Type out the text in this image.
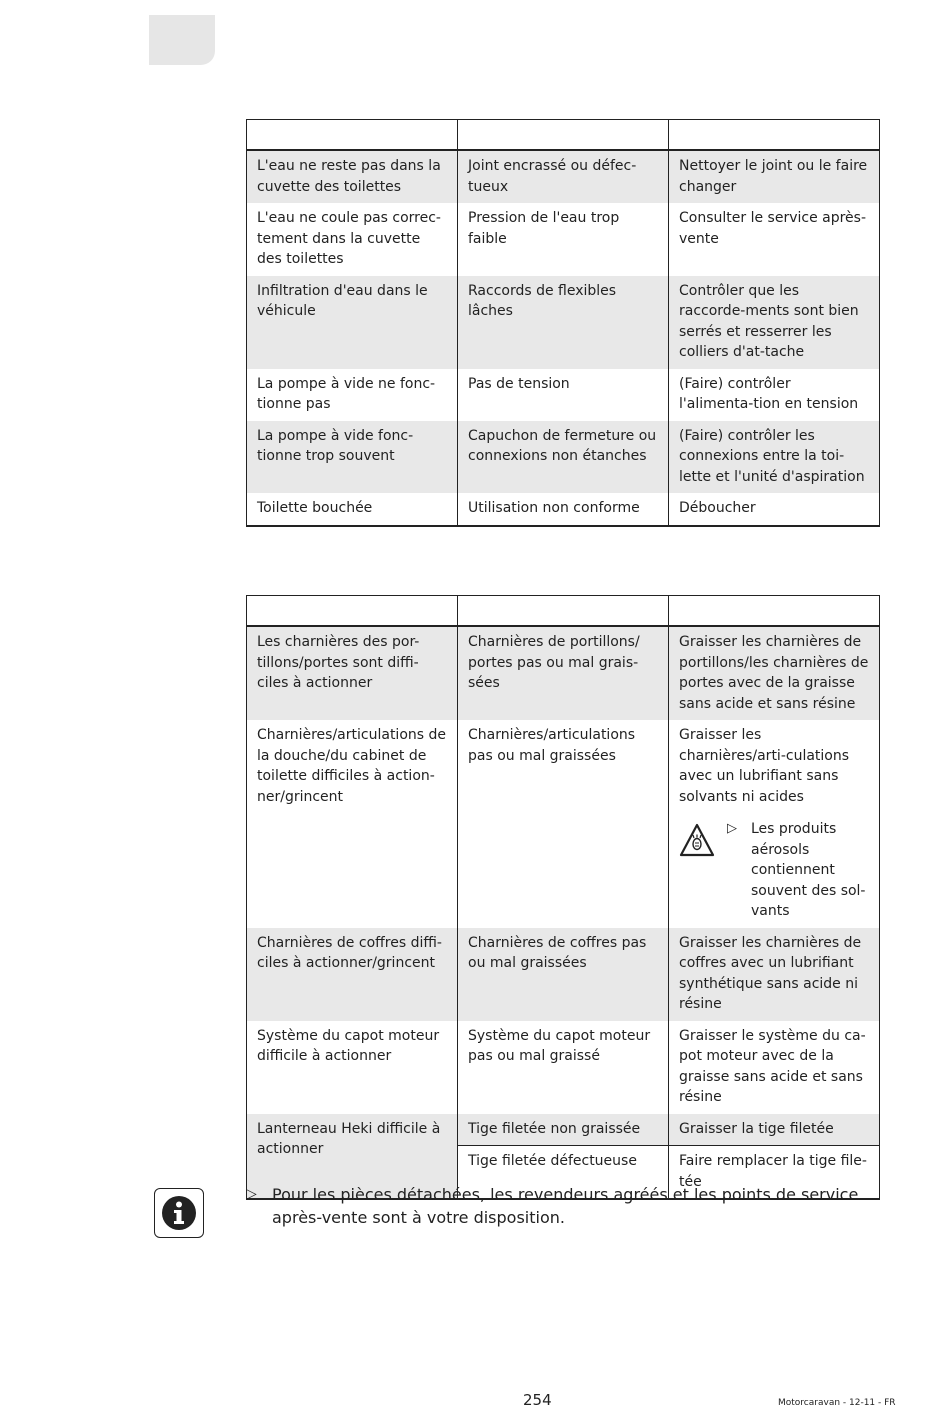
L'eau ne reste pas dans la cuvette des toilettes	Joint encrassé ou défec-tueux	Nettoyer le joint ou le faire changer
L'eau ne coule pas correc-tement dans la cuvette des toilettes	Pression de l'eau trop faible	Consulter le service après-vente
Infiltration d'eau dans le véhicule	Raccords de flexibles lâches	Contrôler que les raccorde-ments sont bien serrés et resserrer les colliers d'at-tache
La pompe à vide ne fonc-tionne pas	Pas de tension	(Faire) contrôler l'alimenta-tion en tension
La pompe à vide fonc-tionne trop souvent	Capuchon de fermeture ou connexions non étanches	(Faire) contrôler les connexions entre la toi-lette et l'unité d'aspiration
Toilette bouchée	Utilisation non conforme	Déboucher

Les charnières des por-tillons/portes sont diffi-ciles à actionner	Charnières de portillons/ portes pas ou mal grais-sées	Graisser les charnières de portillons/les charnières de portes avec de la graisse sans acide et sans résine
Charnières/articulations de la douche/du cabinet de toilette difficiles à action-ner/grincent	Charnières/articulations pas ou mal graissées	Graisser les charnières/arti-culations avec un lubrifiant sans solvants ni acides
▷ Les produits aérosols contiennent souvent des sol-vants

Charnières de coffres diffi-ciles à actionner/grincent	Charnières de coffres pas ou mal graissées	Graisser les charnières de coffres avec un lubrifiant synthétique sans acide ni résine
Système du capot moteur difficile à actionner	Système du capot moteur pas ou mal graissé	Graisser le système du ca-pot moteur avec de la graisse sans acide et sans résine
Lanterneau Heki difficile à actionner	Tige filetée non graissée	Graisser la tige filetée
	Tige filetée défectueuse	Faire remplacer la tige file-tée
▷ Pour les pièces détachées, les revendeurs agréés et les points de service après-vente sont à votre disposition.
254	Motorcaravan - 12-11 - FR
